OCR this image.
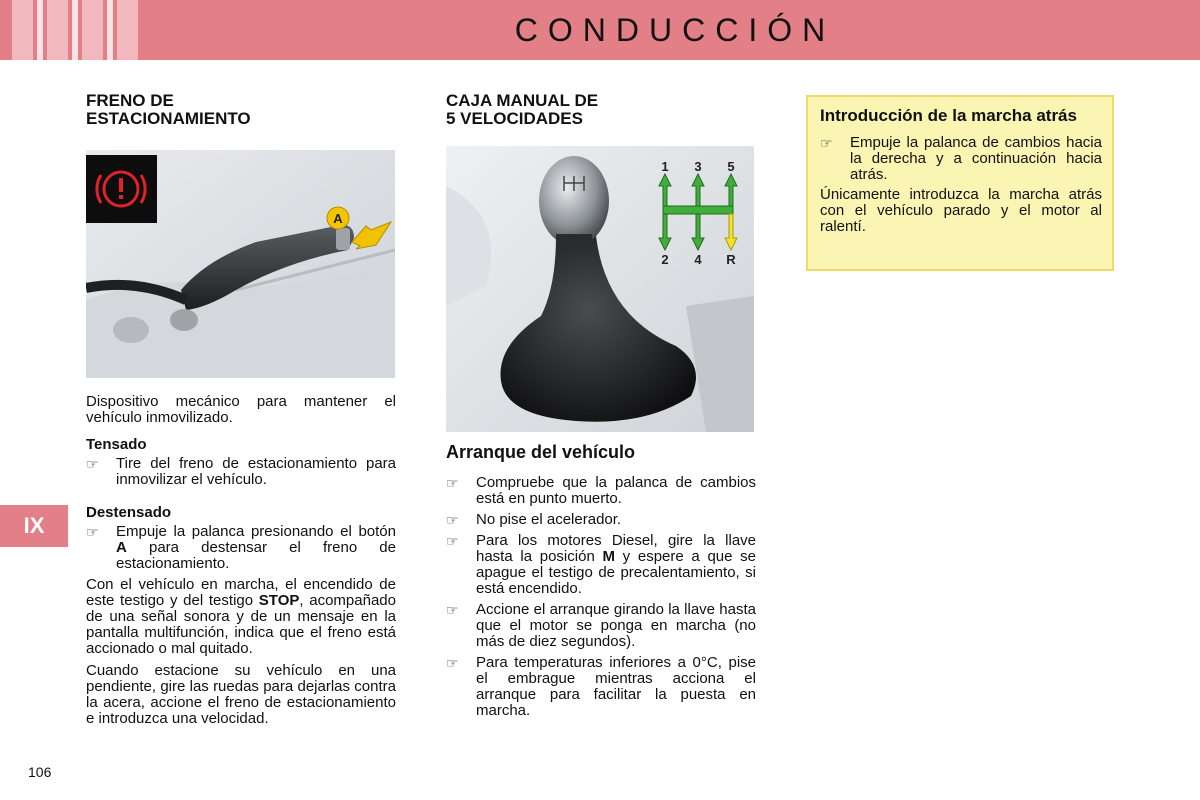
CONDUCCIÓN
IX
106
FRENO DE
ESTACIONAMIENTO
A

Dispositivo mecánico para mantener el vehículo inmovilizado.

Tensado
☞ Tire del freno de estacionamiento para inmovilizar el vehículo.
Destensado
☞ Empuje la palanca presionando el botón A para destensar el freno de estacionamiento.

Con el vehículo en marcha, el encendido de este testigo y del testigo STOP, acompañado de una señal sonora y de un mensaje en la pantalla multifunción, indica que el freno está accionado o mal quitado.

Cuando estacione su vehículo en una pendiente, gire las ruedas para dejarlas contra la acera, accione el freno de estacionamiento e introduzca una velocidad.

CAJA MANUAL DE
5 VELOCIDADES
1 3 5
2 4 R
Arranque del vehículo
☞ Compruebe que la palanca de cambios está en punto muerto.
☞ No pise el acelerador.
☞ Para los motores Diesel, gire la llave hasta la posición M y espere a que se apague el testigo de precalentamiento, si está encendido.
☞ Accione el arranque girando la llave hasta que el motor se ponga en marcha (no más de diez segundos).
☞ Para temperaturas inferiores a 0°C, pise el embrague mientras acciona el arranque para facilitar la puesta en marcha.
Introducción de la marcha atrás
☞ Empuje la palanca de cambios hacia la derecha y a continuación hacia atrás.

Únicamente introduzca la marcha atrás con el vehículo parado y el motor al ralentí.
